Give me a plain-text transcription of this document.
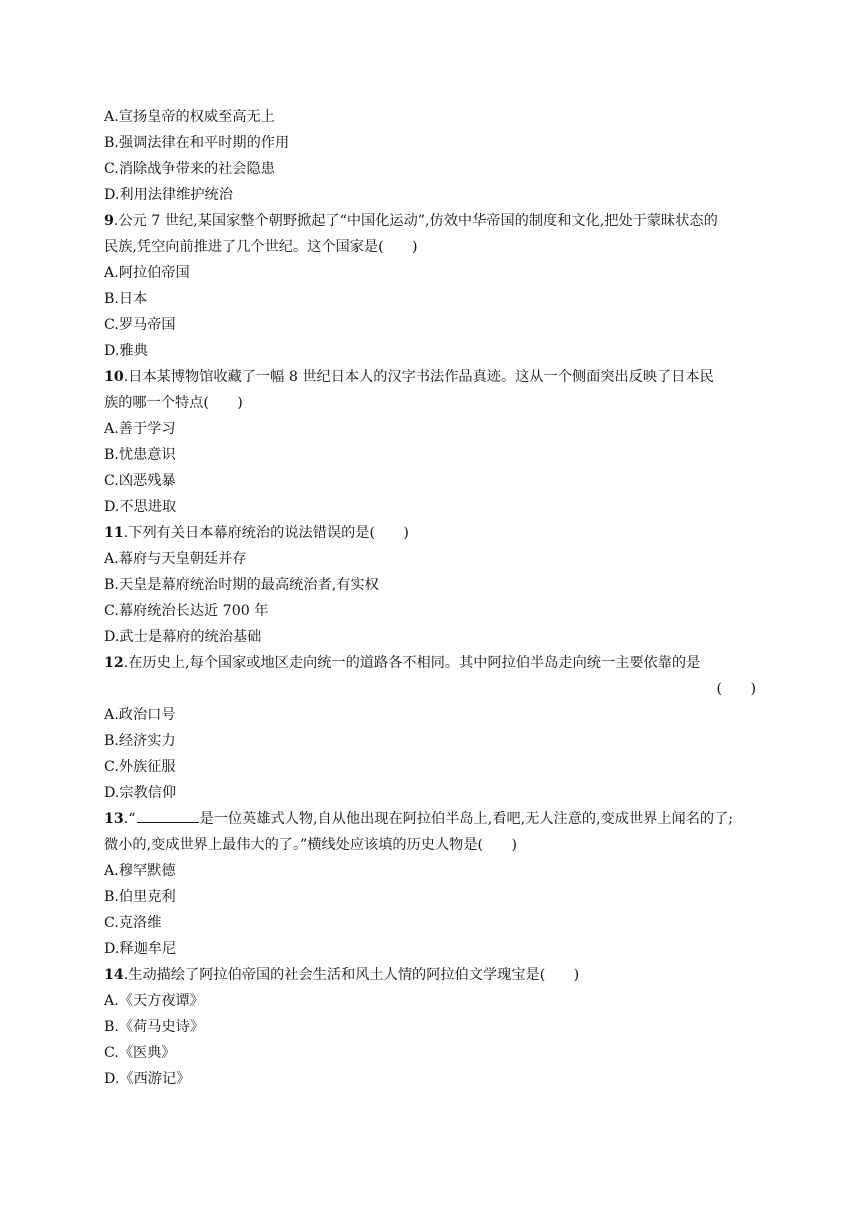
A.宣扬皇帝的权威至高无上
B.强调法律在和平时期的作用
C.消除战争带来的社会隐患
D.利用法律维护统治
9.公元 7 世纪,某国家整个朝野掀起了“中国化运动”,仿效中华帝国的制度和文化,把处于蒙昧状态的
民族,凭空向前推进了几个世纪。这个国家是(　　)
A.阿拉伯帝国
B.日本
C.罗马帝国
D.雅典
10.日本某博物馆收藏了一幅 8 世纪日本人的汉字书法作品真迹。这从一个侧面突出反映了日本民
族的哪一个特点(　　)
A.善于学习
B.忧患意识
C.凶恶残暴
D.不思进取
11.下列有关日本幕府统治的说法错误的是(　　)
A.幕府与天皇朝廷并存
B.天皇是幕府统治时期的最高统治者,有实权
C.幕府统治长达近 700 年
D.武士是幕府的统治基础
12.在历史上,每个国家或地区走向统一的道路各不相同。其中阿拉伯半岛走向统一主要依靠的是
(　　)
A.政治口号
B.经济实力
C.外族征服
D.宗教信仰
13.“	是一位英雄式人物,自从他出现在阿拉伯半岛上,看吧,无人注意的,变成世界上闻名的了;
微小的,变成世界上最伟大的了。”横线处应该填的历史人物是(　　)
A.穆罕默德
B.伯里克利
C.克洛维
D.释迦牟尼
14.生动描绘了阿拉伯帝国的社会生活和风土人情的阿拉伯文学瑰宝是(　　)
A.《天方夜谭》
B.《荷马史诗》
C.《医典》
D.《西游记》
